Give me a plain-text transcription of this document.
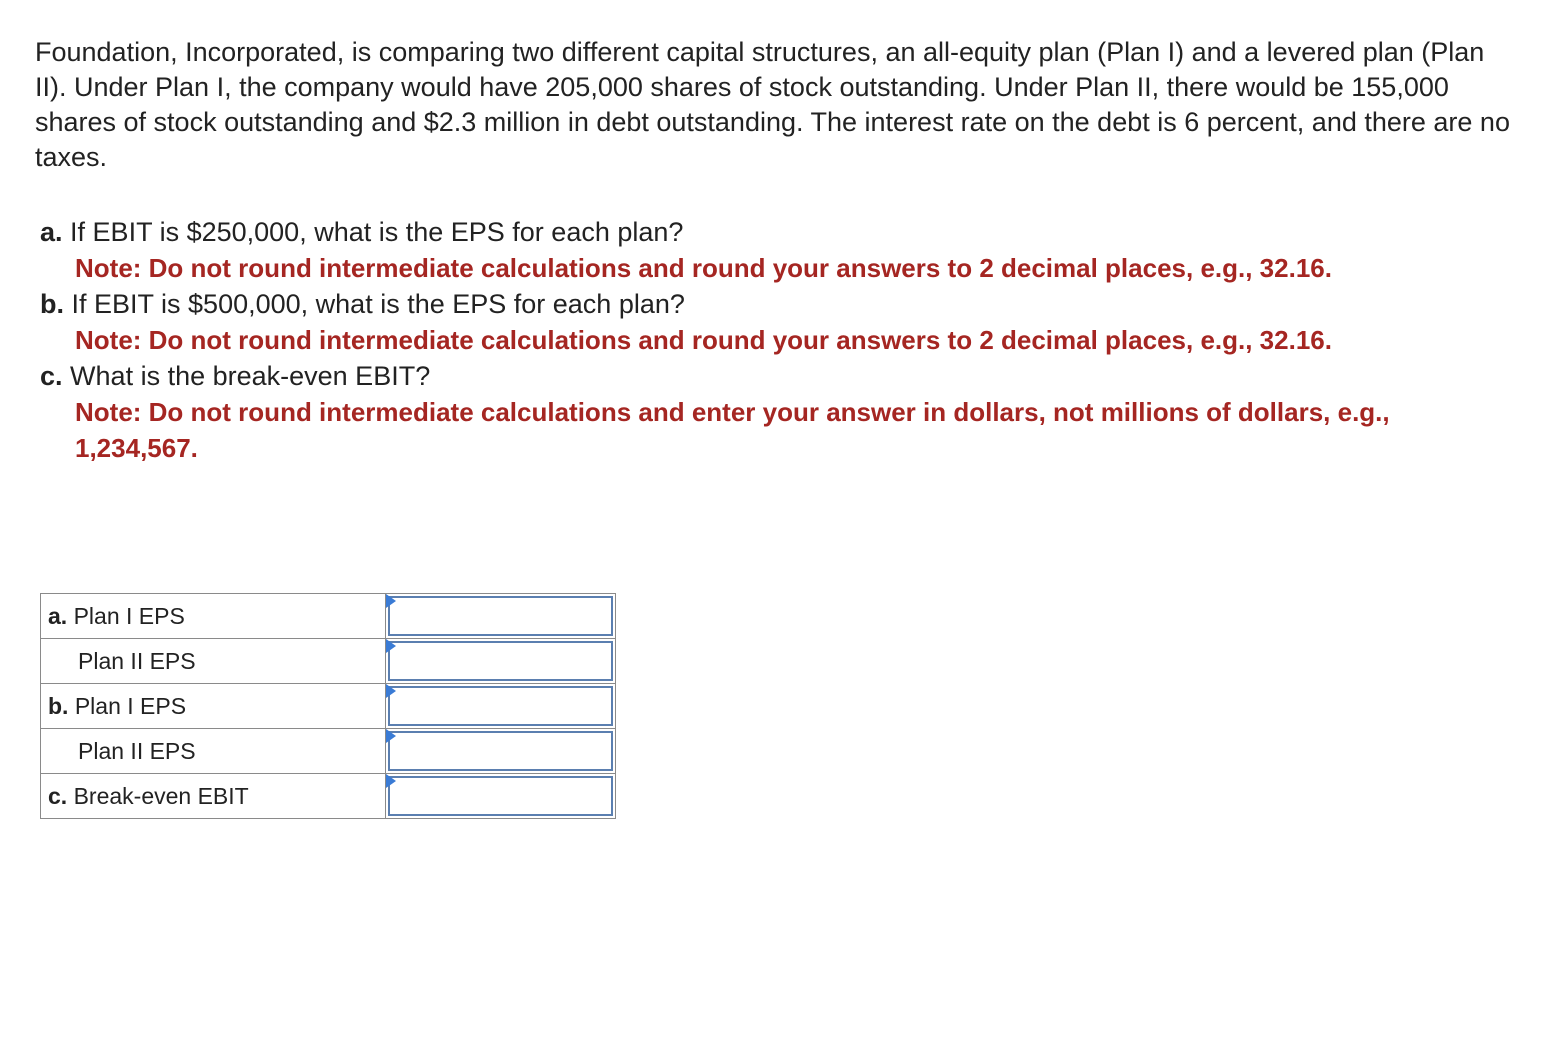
Foundation, Incorporated, is comparing two different capital structures, an all-equity plan (Plan I) and a levered plan (Plan II). Under Plan I, the company would have 205,000 shares of stock outstanding. Under Plan II, there would be 155,000 shares of stock outstanding and $2.3 million in debt outstanding. The interest rate on the debt is 6 percent, and there are no taxes.

a. If EBIT is $250,000, what is the EPS for each plan?

Note: Do not round intermediate calculations and round your answers to 2 decimal places, e.g., 32.16.

b. If EBIT is $500,000, what is the EPS for each plan?

Note: Do not round intermediate calculations and round your answers to 2 decimal places, e.g., 32.16.

c. What is the break-even EBIT?

Note: Do not round intermediate calculations and enter your answer in dollars, not millions of dollars, e.g., 1,234,567.

a. Plan I EPS	

Plan II EPS	

b. Plan I EPS	

Plan II EPS	

c. Break-even EBIT	
